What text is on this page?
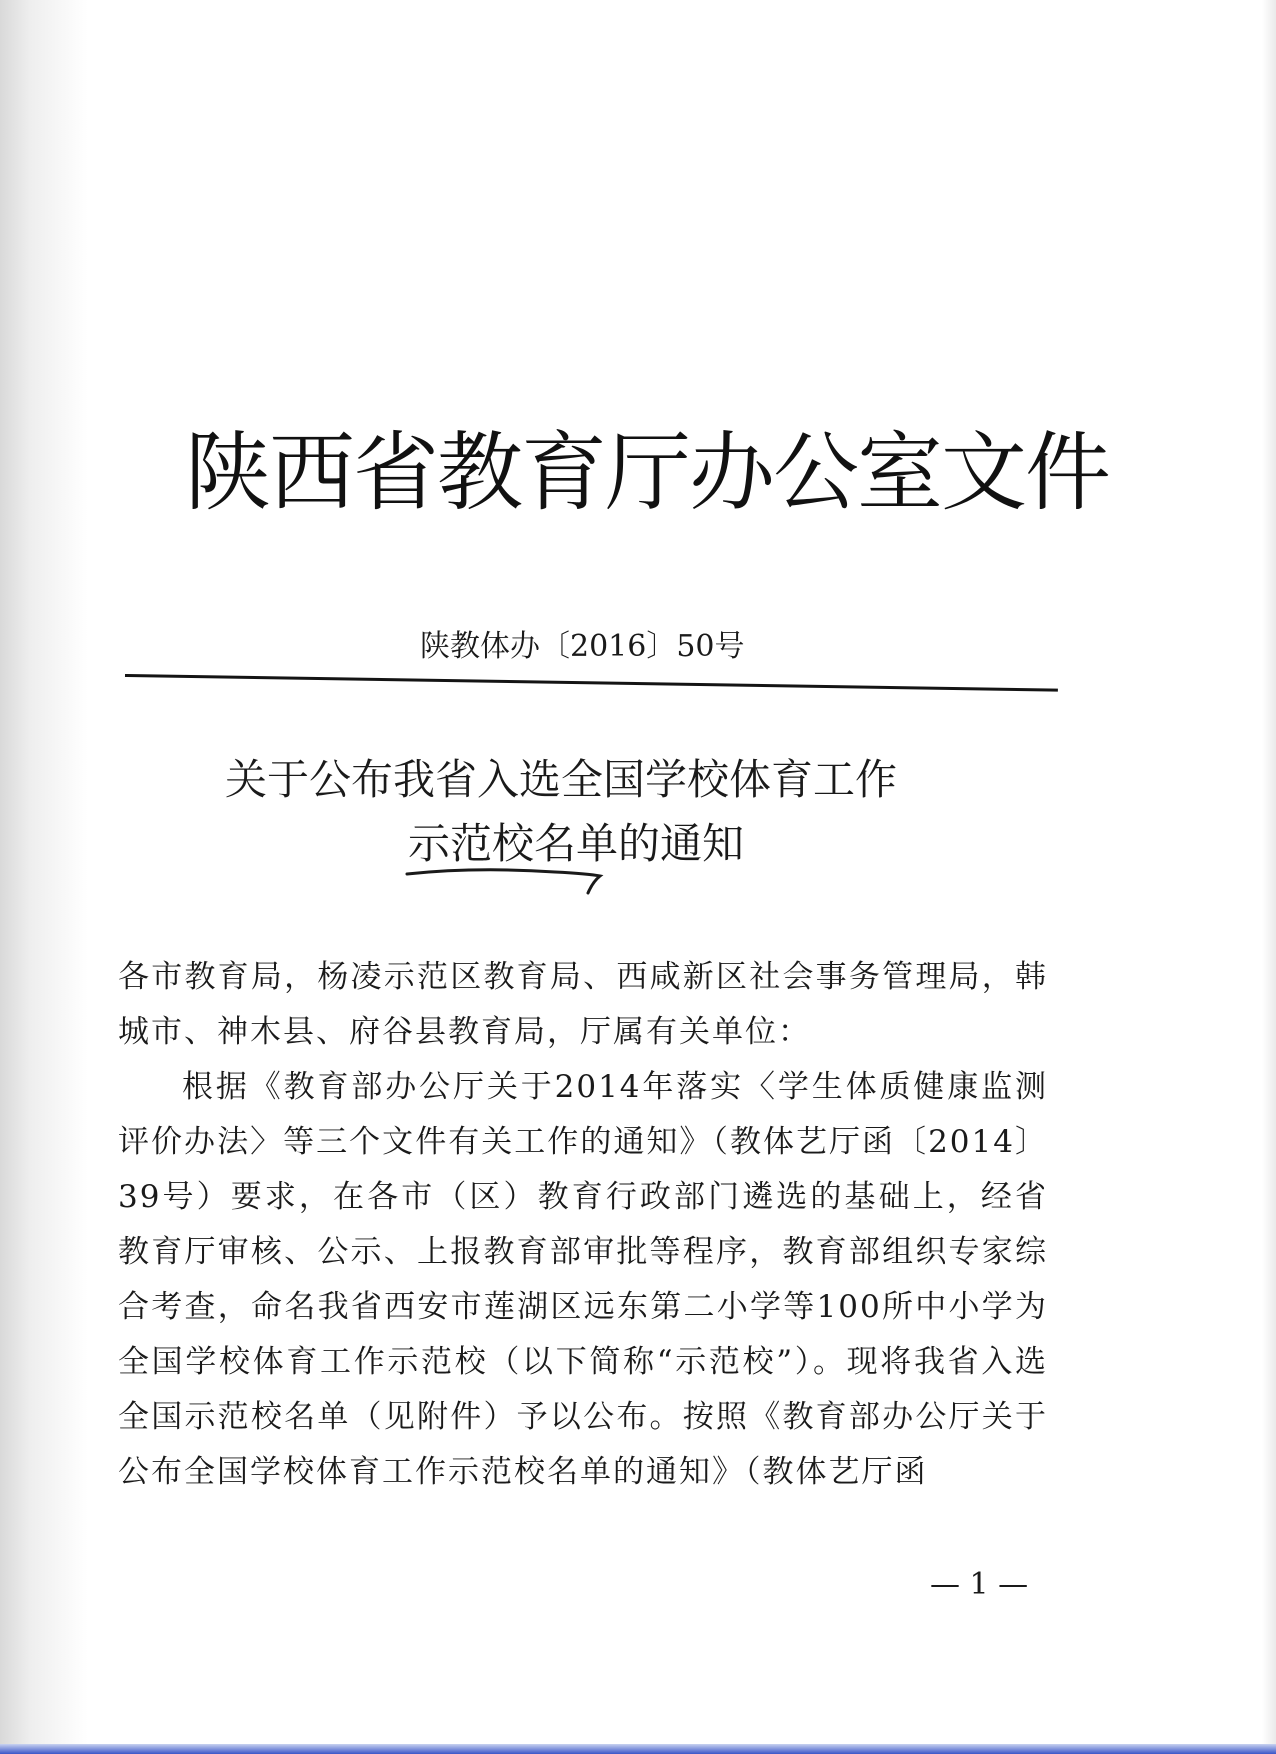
陕西省教育厅办公室文件
陕教体办〔2016〕50号
关于公布我省入选全国学校体育工作
示范校名单的通知

各市教育局，杨凌示范区教育局、西咸新区社会事务管理局，韩城市、神木县、府谷县教育局，厅属有关单位：

根据《教育部办公厅关于2014年落实〈学生体质健康监测评价办法〉等三个文件有关工作的通知》（教体艺厅函〔2014〕39号）要求，在各市（区）教育行政部门遴选的基础上，经省教育厅审核、公示、上报教育部审批等程序，教育部组织专家综合考查，命名我省西安市莲湖区远东第二小学等100所中小学为全国学校体育工作示范校（以下简称“示范校”）。现将我省入选全国示范校名单（见附件）予以公布。按照《教育部办公厅关于公布全国学校体育工作示范校名单的通知》（教体艺厅函

— 1 —
